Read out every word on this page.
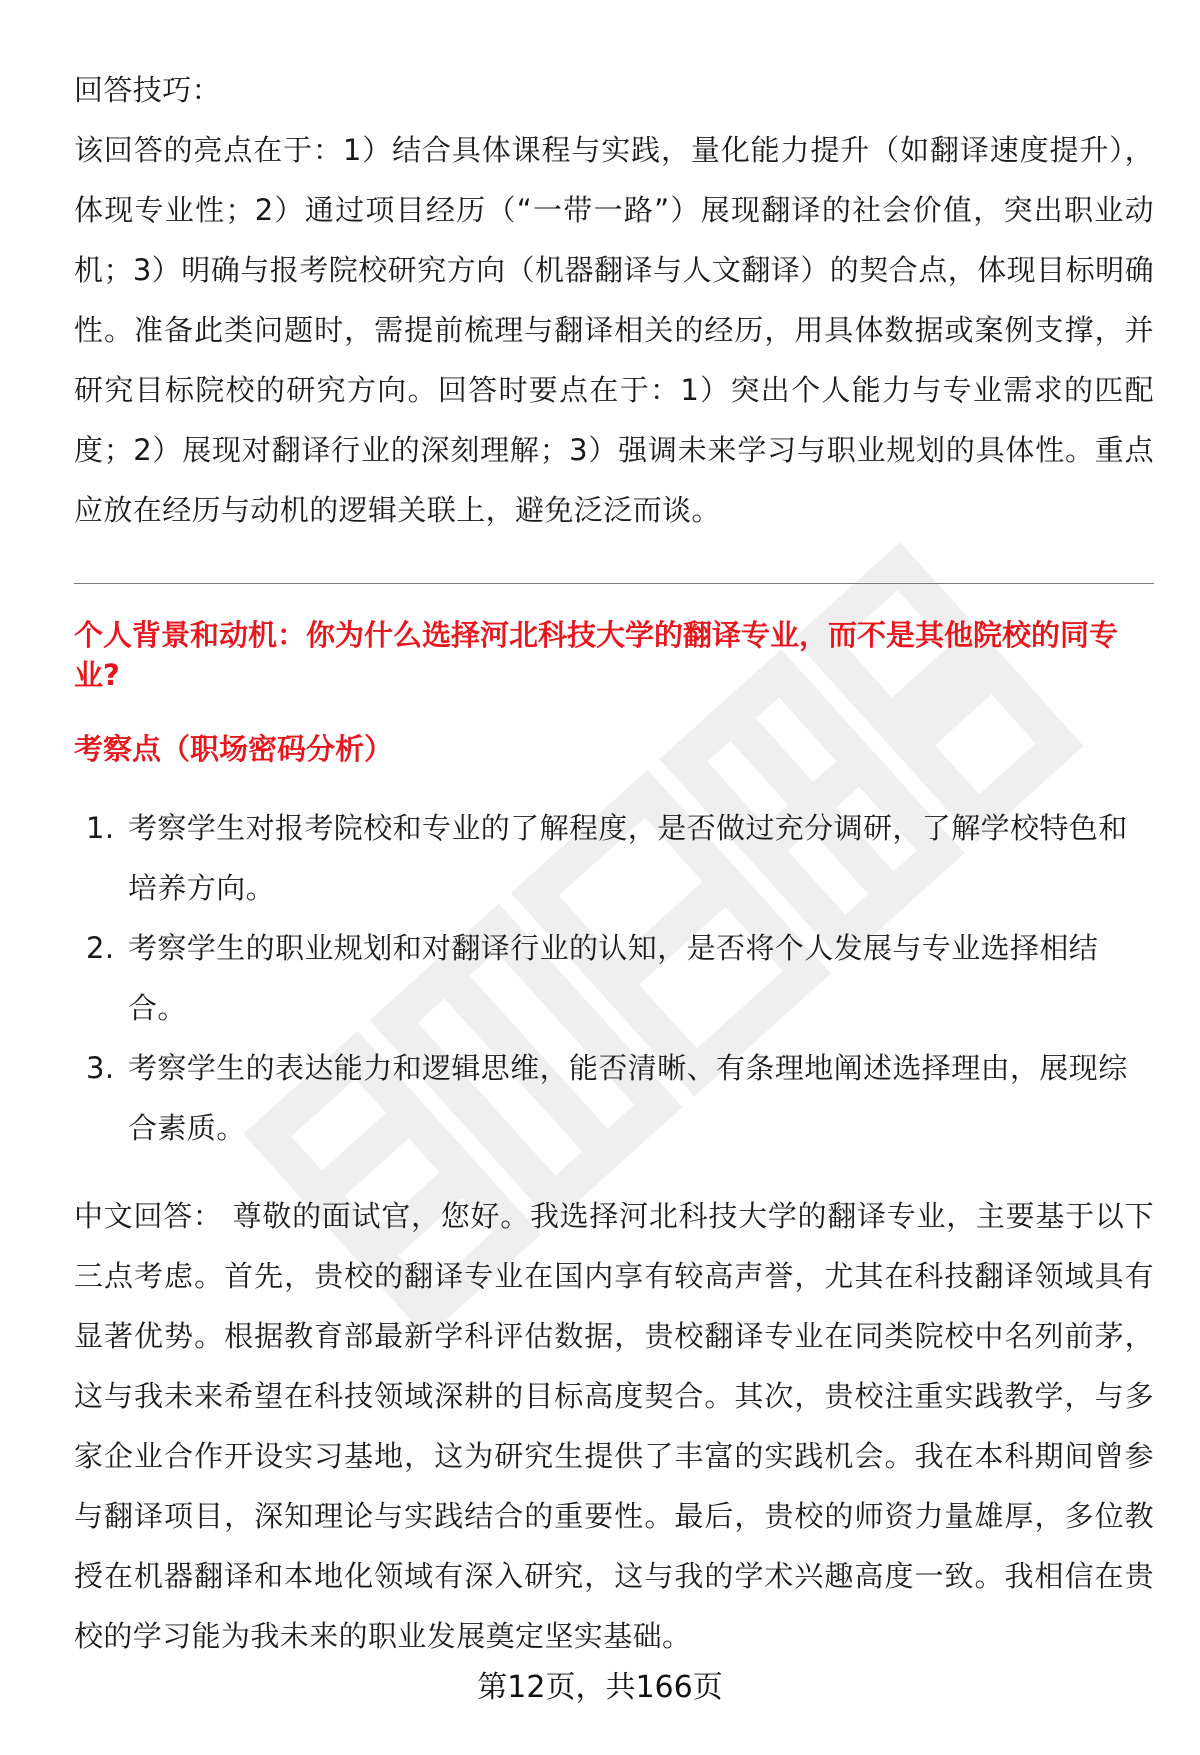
回答技巧：
该回答的亮点在于：1）结合具体课程与实践，量化能力提升（如翻译速度提升），体现专业性；2）通过项目经历（“一带一路”）展现翻译的社会价值，突出职业动机；3）明确与报考院校研究方向（机器翻译与人文翻译）的契合点，体现目标明确性。准备此类问题时，需提前梳理与翻译相关的经历，用具体数据或案例支撑，并研究目标院校的研究方向。回答时要点在于：1）突出个人能力与专业需求的匹配度；2）展现对翻译行业的深刻理解；3）强调未来学习与职业规划的具体性。重点应放在经历与动机的逻辑关联上，避免泛泛而谈。
个人背景和动机：你为什么选择河北科技大学的翻译专业，而不是其他院校的同专业?
考察点（职场密码分析）
1. 考察学生对报考院校和专业的了解程度，是否做过充分调研，了解学校特色和培养方向。
2. 考察学生的职业规划和对翻译行业的认知，是否将个人发展与专业选择相结合。
3. 考察学生的表达能力和逻辑思维，能否清晰、有条理地阐述选择理由，展现综合素质。
中文回答： 尊敬的面试官，您好。我选择河北科技大学的翻译专业，主要基于以下三点考虑。首先，贵校的翻译专业在国内享有较高声誉，尤其在科技翻译领域具有显著优势。根据教育部最新学科评估数据，贵校翻译专业在同类院校中名列前茅，这与我未来希望在科技领域深耕的目标高度契合。其次，贵校注重实践教学，与多家企业合作开设实习基地，这为研究生提供了丰富的实践机会。我在本科期间曾参与翻译项目，深知理论与实践结合的重要性。最后，贵校的师资力量雄厚，多位教授在机器翻译和本地化领域有深入研究，这与我的学术兴趣高度一致。我相信在贵校的学习能为我未来的职业发展奠定坚实基础。
第12页，共166页
